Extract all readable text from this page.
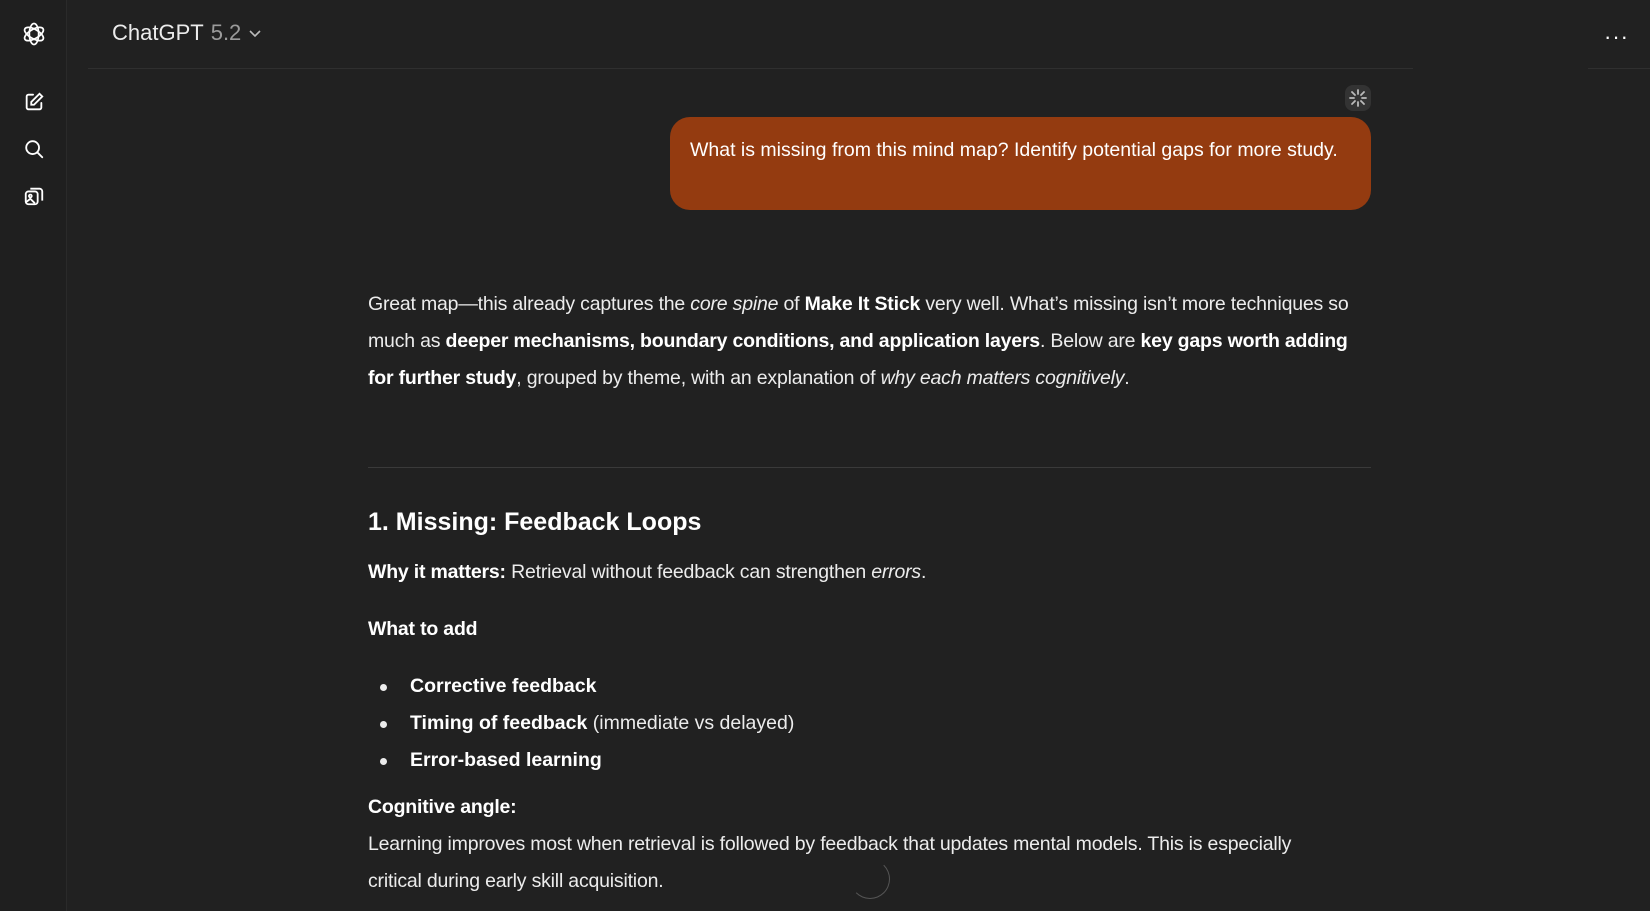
ChatGPT 5.2	···
What is missing from this mind map? Identify potential gaps for more study.
Great map—this already captures the core spine of Make It Stick very well. What’s missing isn’t more techniques so much as deeper mechanisms, boundary conditions, and application layers. Below are key gaps worth adding for further study, grouped by theme, with an explanation of why each matters cognitively.
1. Missing: Feedback Loops
Why it matters: Retrieval without feedback can strengthen errors.
What to add
Corrective feedback
Timing of feedback (immediate vs delayed)
Error-based learning
Cognitive angle:
Learning improves most when retrieval is followed by feedback that updates mental models. This is especially critical during early skill acquisition.
